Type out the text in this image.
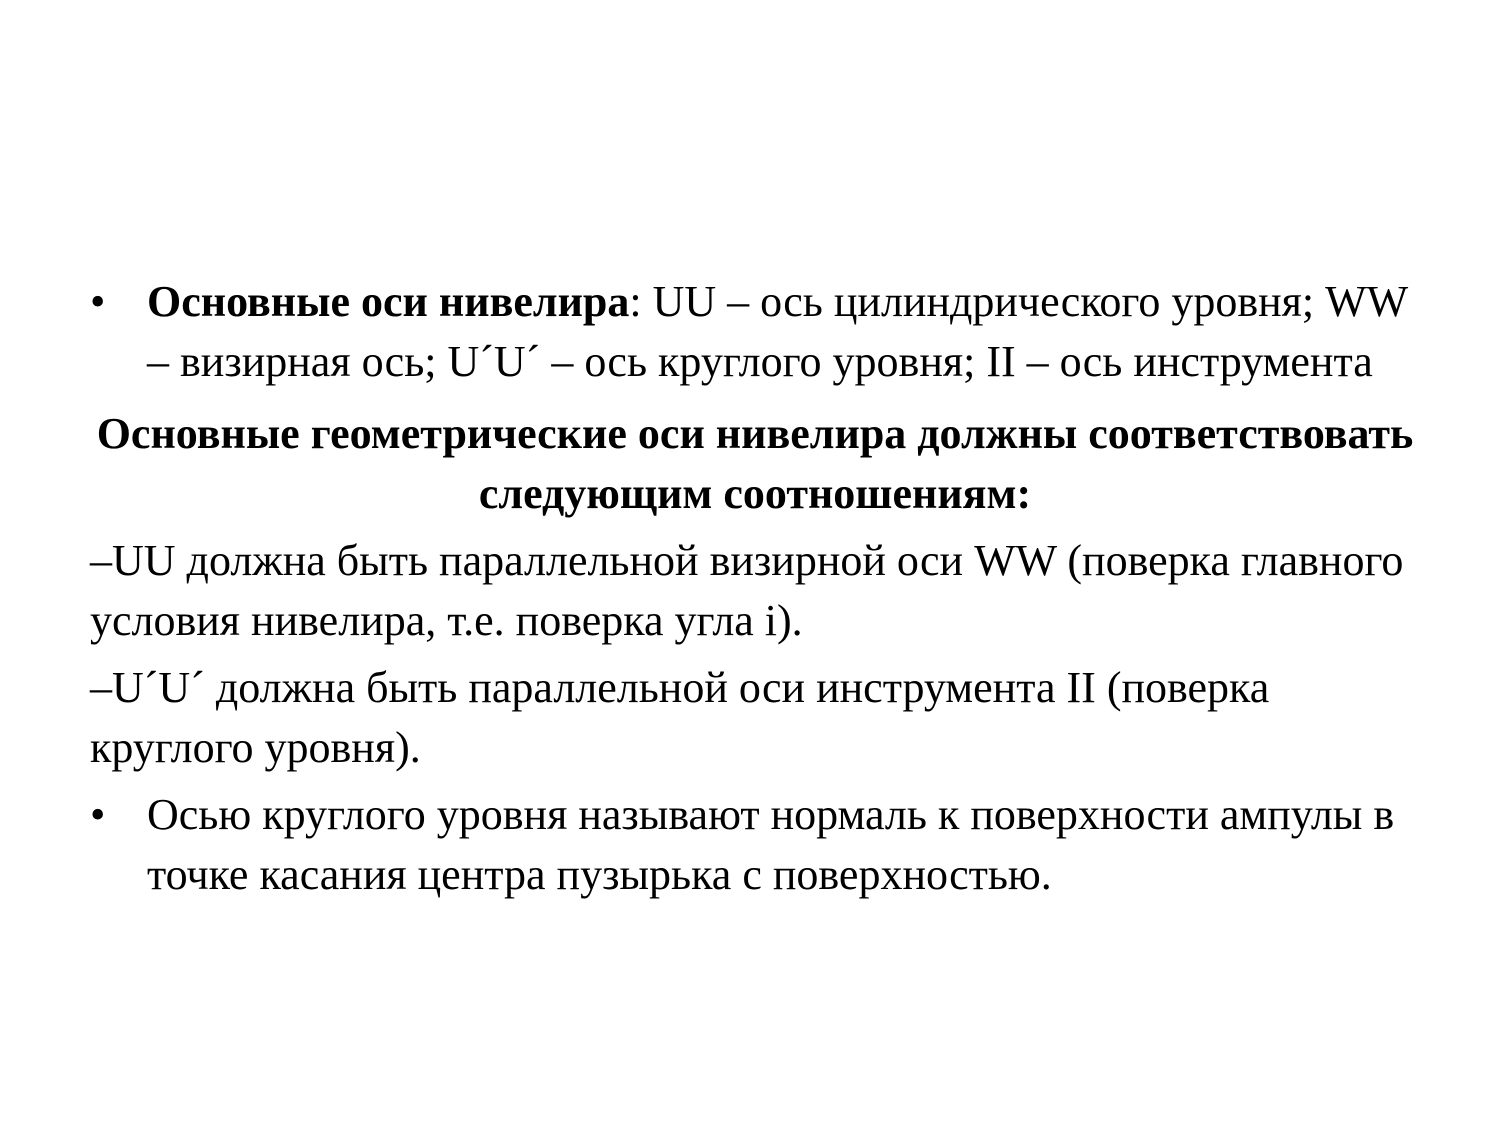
• Основные оси нивелира: UU – ось цилиндрического уровня; WW – визирная ось; U´U´ – ось круглого уровня; II – ось инструмента

Основные геометрические оси нивелира должны соответствовать следующим соотношениям:

–UU должна быть параллельной визирной оси WW (поверка главного условия нивелира, т.е. поверка угла i).

–U´U´ должна быть параллельной оси инструмента II (поверка круглого уровня).

• Осью круглого уровня называют нормаль к поверхности ампулы в точке касания центра пузырька с поверхностью.
